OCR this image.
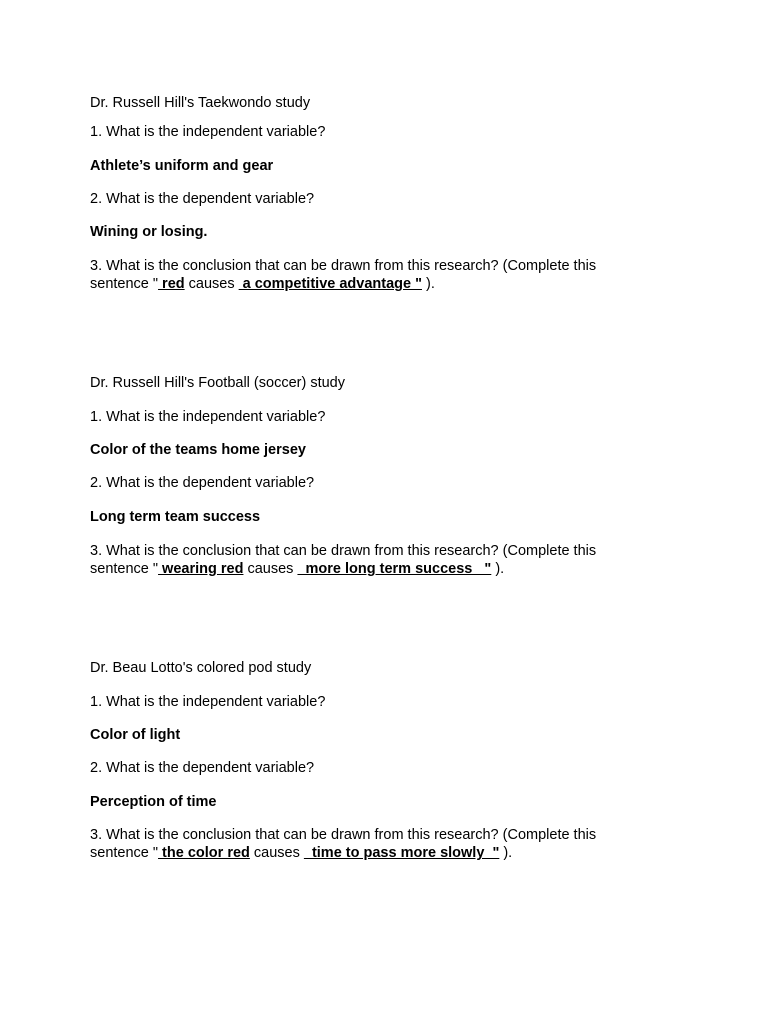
Dr. Russell Hill's Taekwondo study
1. What is the independent variable?
Athlete’s uniform and gear
2. What is the dependent variable?
Wining or losing.
3. What is the conclusion that can be drawn from this research? (Complete this
sentence " red causes  a competitive advantage " ).
Dr. Russell Hill's Football (soccer) study
1. What is the independent variable?
Color of the teams home jersey
2. What is the dependent variable?
Long term team success
3. What is the conclusion that can be drawn from this research? (Complete this
sentence " wearing red causes   more long term success   " ).
Dr. Beau Lotto's colored pod study
1. What is the independent variable?
Color of light
2. What is the dependent variable?
Perception of time
3. What is the conclusion that can be drawn from this research? (Complete this
sentence " the color red causes   time to pass more slowly  " ).
